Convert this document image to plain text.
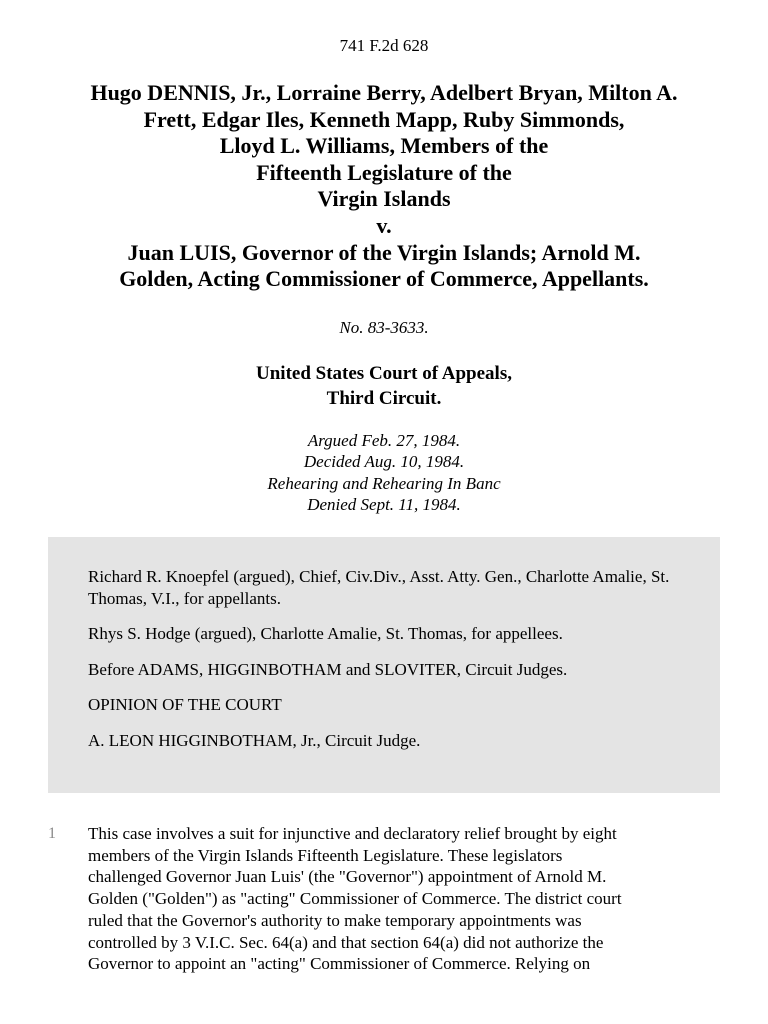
741 F.2d 628
Hugo DENNIS, Jr., Lorraine Berry, Adelbert Bryan, Milton A.
Frett, Edgar Iles, Kenneth Mapp, Ruby Simmonds,
Lloyd L. Williams, Members of the
Fifteenth Legislature of the
Virgin Islands
v.
Juan LUIS, Governor of the Virgin Islands; Arnold M.
Golden, Acting Commissioner of Commerce, Appellants.
No. 83-3633.
United States Court of Appeals,
Third Circuit.
Argued Feb. 27, 1984.
Decided Aug. 10, 1984.
Rehearing and Rehearing In Banc
Denied Sept. 11, 1984.

Richard R. Knoepfel (argued), Chief, Civ.Div., Asst. Atty. Gen., Charlotte Amalie, St. Thomas, V.I., for appellants.

Rhys S. Hodge (argued), Charlotte Amalie, St. Thomas, for appellees.

Before ADAMS, HIGGINBOTHAM and SLOVITER, Circuit Judges.

OPINION OF THE COURT

A. LEON HIGGINBOTHAM, Jr., Circuit Judge.

1 This case involves a suit for injunctive and declaratory relief brought by eight
members of the Virgin Islands Fifteenth Legislature. These legislators
challenged Governor Juan Luis' (the "Governor") appointment of Arnold M.
Golden ("Golden") as "acting" Commissioner of Commerce. The district court
ruled that the Governor's authority to make temporary appointments was
controlled by 3 V.I.C. Sec. 64(a) and that section 64(a) did not authorize the
Governor to appoint an "acting" Commissioner of Commerce. Relying on
